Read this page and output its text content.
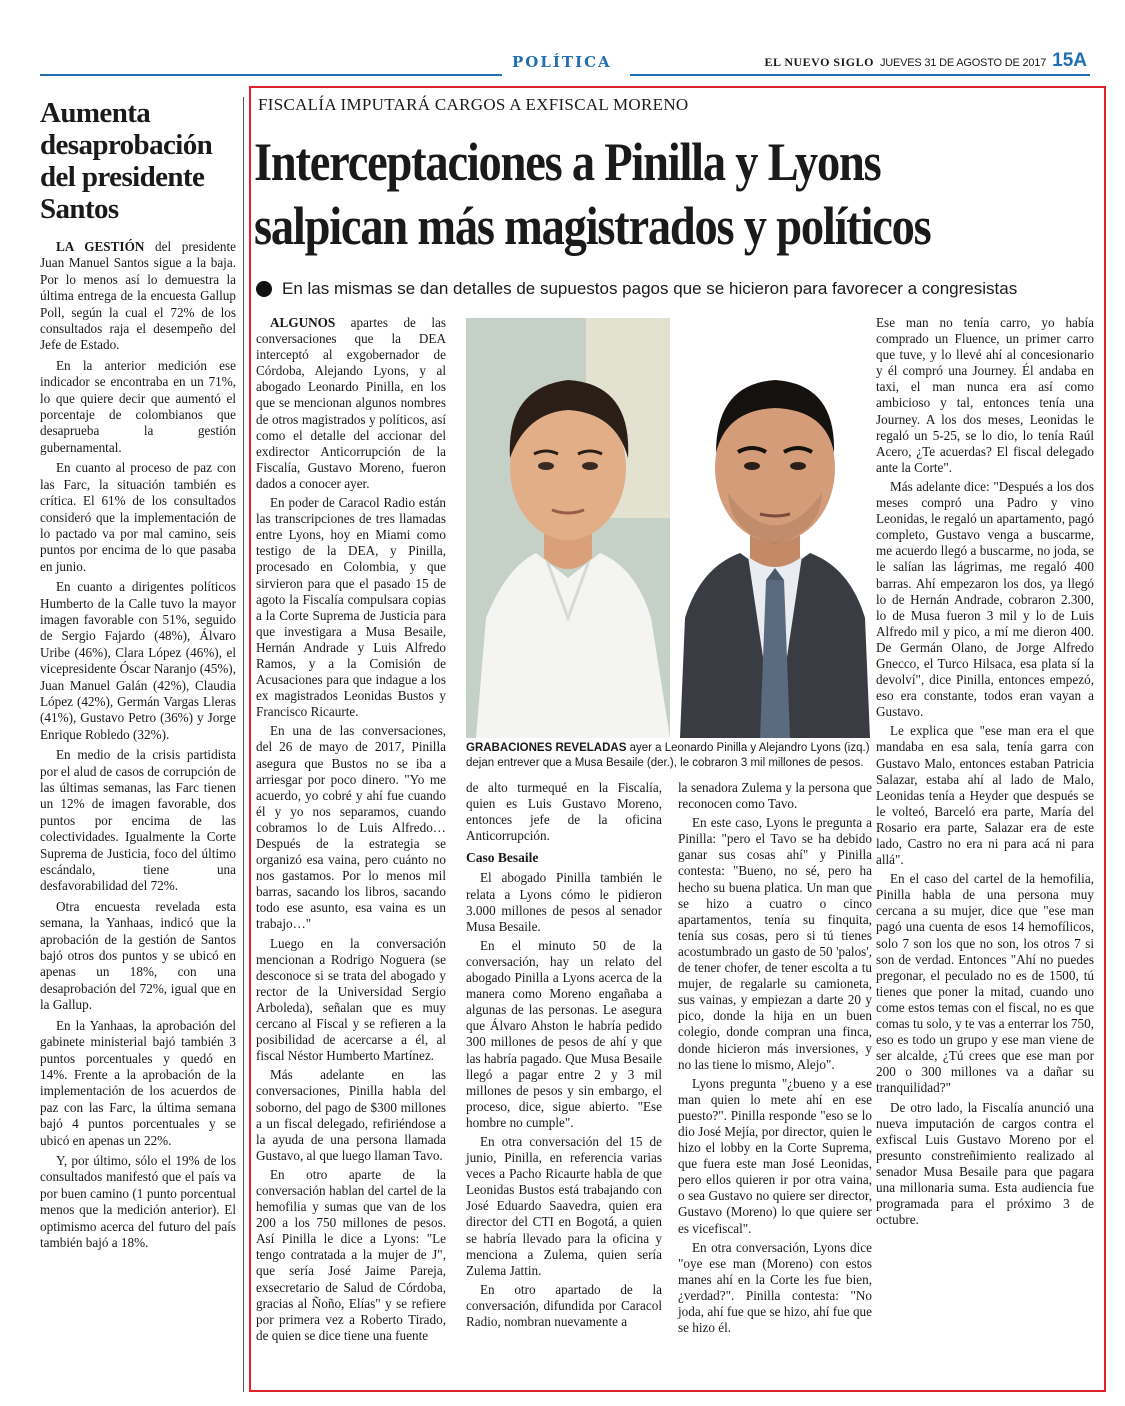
POLÍTICA	EL NUEVO SIGLO JUEVES 31 DE AGOSTO DE 2017 15A
Aumenta
desaprobación
del presidente
Santos

LA GESTIÓN del presidente Juan Manuel Santos sigue a la baja. Por lo menos así lo demuestra la última entrega de la encuesta Gallup Poll, según la cual el 72% de los consultados raja el desempeño del Jefe de Estado.

En la anterior medición ese indicador se encontraba en un 71%, lo que quiere decir que aumentó el porcentaje de colombianos que desaprueba la gestión gubernamental.

En cuanto al proceso de paz con las Farc, la situación también es crítica. El 61% de los consultados consideró que la implementación de lo pactado va por mal camino, seis puntos por encima de lo que pasaba en junio.

En cuanto a dirigentes políticos Humberto de la Calle tuvo la mayor imagen favorable con 51%, seguido de Sergio Fajardo (48%), Álvaro Uribe (46%), Clara López (46%), el vicepresidente Óscar Naranjo (45%), Juan Manuel Galán (42%), Claudia López (42%), Germán Vargas Lleras (41%), Gustavo Petro (36%) y Jorge Enrique Robledo (32%).

En medio de la crisis partidista por el alud de casos de corrupción de las últimas semanas, las Farc tienen un 12% de imagen favorable, dos puntos por encima de las colectividades. Igualmente la Corte Suprema de Justicia, foco del último escándalo, tiene una desfavorabilidad del 72%.

Otra encuesta revelada esta semana, la Yanhaas, indicó que la aprobación de la gestión de Santos bajó otros dos puntos y se ubicó en apenas un 18%, con una desaprobación del 72%, igual que en la Gallup.

En la Yanhaas, la aprobación del gabinete ministerial bajó también 3 puntos porcentuales y quedó en 14%. Frente a la aprobación de la implementación de los acuerdos de paz con las Farc, la última semana bajó 4 puntos porcentuales y se ubicó en apenas un 22%.

Y, por último, sólo el 19% de los consultados manifestó que el país va por buen camino (1 punto porcentual menos que la medición anterior). El optimismo acerca del futuro del país también bajó a 18%.

FISCALÍA IMPUTARÁ CARGOS A EXFISCAL MORENO
Interceptaciones a Pinilla y Lyons
salpican más magistrados y políticos
En las mismas se dan detalles de supuestos pagos que se hicieron para favorecer a congresistas
GRABACIONES REVELADAS ayer a Leonardo Pinilla y Alejandro Lyons (izq.) dejan entrever que a Musa Besaile (der.), le cobraron 3 mil millones de pesos.

ALGUNOS apartes de las conversaciones que la DEA interceptó al exgobernador de Córdoba, Alejando Lyons, y al abogado Leonardo Pinilla, en los que se mencionan algunos nombres de otros magistrados y políticos, así como el detalle del accionar del exdirector Anticorrupción de la Fiscalía, Gustavo Moreno, fueron dados a conocer ayer.

En poder de Caracol Radio están las transcripciones de tres llamadas entre Lyons, hoy en Miami como testigo de la DEA, y Pinilla, procesado en Colombia, y que sirvieron para que el pasado 15 de agoto la Fiscalía compulsara copias a la Corte Suprema de Justicia para que investigara a Musa Besaile, Hernán Andrade y Luis Alfredo Ramos, y a la Comisión de Acusaciones para que indague a los ex magistrados Leonidas Bustos y Francisco Ricaurte.

En una de las conversaciones, del 26 de mayo de 2017, Pinilla asegura que Bustos no se iba a arriesgar por poco dinero. "Yo me acuerdo, yo cobré y ahí fue cuando él y yo nos separamos, cuando cobramos lo de Luis Alfredo… Después de la estrategia se organizó esa vaina, pero cuánto no nos gastamos. Por lo menos mil barras, sacando los libros, sacando todo ese asunto, esa vaina es un trabajo…"

Luego en la conversación mencionan a Rodrigo Noguera (se desconoce si se trata del abogado y rector de la Universidad Sergio Arboleda), señalan que es muy cercano al Fiscal y se refieren a la posibilidad de acercarse a él, al fiscal Néstor Humberto Martínez.

Más adelante en las conversaciones, Pinilla habla del soborno, del pago de $300 millones a un fiscal delegado, refiriéndose a la ayuda de una persona llamada Gustavo, al que luego llaman Tavo.

En otro aparte de la conversación hablan del cartel de la hemofilia y sumas que van de los 200 a los 750 millones de pesos. Así Pinilla le dice a Lyons: "Le tengo contratada a la mujer de J", que sería José Jaime Pareja, exsecretario de Salud de Córdoba, gracias al Ñoño, Elías" y se refiere por primera vez a Roberto Tirado, de quien se dice tiene una fuente

de alto turmequé en la Fiscalía, quien es Luis Gustavo Moreno, entonces jefe de la oficina Anticorrupción.

Caso Besaile

El abogado Pinilla también le relata a Lyons cómo le pidieron 3.000 millones de pesos al senador Musa Besaile.

En el minuto 50 de la conversación, hay un relato del abogado Pinilla a Lyons acerca de la manera como Moreno engañaba a algunas de las personas. Le asegura que Álvaro Ahston le habría pedido 300 millones de pesos de ahí y que las habría pagado. Que Musa Besaile llegó a pagar entre 2 y 3 mil millones de pesos y sin embargo, el proceso, dice, sigue abierto. "Ese hombre no cumple".

En otra conversación del 15 de junio, Pinilla, en referencia varias veces a Pacho Ricaurte habla de que Leonidas Bustos está trabajando con José Eduardo Saavedra, quien era director del CTI en Bogotá, a quien se habría llevado para la oficina y menciona a Zulema, quien sería Zulema Jattin.

En otro apartado de la conversación, difundida por Caracol Radio, nombran nuevamente a

la senadora Zulema y la persona que reconocen como Tavo.

En este caso, Lyons le pregunta a Pinilla: "pero el Tavo se ha debido ganar sus cosas ahí" y Pinilla contesta: "Bueno, no sé, pero ha hecho su buena platica. Un man que se hizo a cuatro o cinco apartamentos, tenía su finquita, tenía sus cosas, pero si tú tienes acostumbrado un gasto de 50 'palos', de tener chofer, de tener escolta a tu mujer, de regalarle su camioneta, sus vainas, y empiezan a darte 20 y pico, donde la hija en un buen colegio, donde compran una finca, donde hicieron más inversiones, y no las tiene lo mismo, Alejo".

Lyons pregunta "¿bueno y a ese man quien lo mete ahí en ese puesto?". Pinilla responde "eso se lo dio José Mejía, por director, quien le hizo el lobby en la Corte Suprema, que fuera este man José Leonidas, pero ellos quieren ir por otra vaina, o sea Gustavo no quiere ser director, Gustavo (Moreno) lo que quiere ser es vicefiscal".

En otra conversación, Lyons dice "oye ese man (Moreno) con estos manes ahí en la Corte les fue bien, ¿verdad?". Pinilla contesta: "No joda, ahí fue que se hizo, ahí fue que se hizo él.

Ese man no tenía carro, yo había comprado un Fluence, un primer carro que tuve, y lo llevé ahí al concesionario y él compró una Journey. Él andaba en taxi, el man nunca era así como ambicioso y tal, entonces tenía una Journey. A los dos meses, Leonidas le regaló un 5-25, se lo dio, lo tenía Raúl Acero, ¿Te acuerdas? El fiscal delegado ante la Corte".

Más adelante dice: "Después a los dos meses compró una Padro y vino Leonidas, le regaló un apartamento, pagó completo, Gustavo venga a buscarme, me acuerdo llegó a buscarme, no joda, se le salían las lágrimas, me regaló 400 barras. Ahí empezaron los dos, ya llegó lo de Hernán Andrade, cobraron 2.300, lo de Musa fueron 3 mil y lo de Luis Alfredo mil y pico, a mí me dieron 400. De Germán Olano, de Jorge Alfredo Gnecco, el Turco Hilsaca, esa plata sí la devolví", dice Pinilla, entonces empezó, eso era constante, todos eran vayan a Gustavo.

Le explica que "ese man era el que mandaba en esa sala, tenía garra con Gustavo Malo, entonces estaban Patricia Salazar, estaba ahí al lado de Malo, Leonidas tenía a Heyder que después se le volteó, Barceló era parte, María del Rosario era parte, Salazar era de este lado, Castro no era ni para acá ni para allá".

En el caso del cartel de la hemofilia, Pinilla habla de una persona muy cercana a su mujer, dice que "ese man pagó una cuenta de esos 14 hemofílicos, solo 7 son los que no son, los otros 7 si son de verdad. Entonces "Ahí no puedes pregonar, el peculado no es de 1500, tú tienes que poner la mitad, cuando uno come estos temas con el fiscal, no es que comas tu solo, y te vas a enterrar los 750, eso es todo un grupo y ese man viene de ser alcalde, ¿Tú crees que ese man por 200 o 300 millones va a dañar su tranquilidad?"

De otro lado, la Fiscalía anunció una nueva imputación de cargos contra el exfiscal Luis Gustavo Moreno por el presunto constreñimiento realizado al senador Musa Besaile para que pagara una millonaria suma. Esta audiencia fue programada para el próximo 3 de octubre.
